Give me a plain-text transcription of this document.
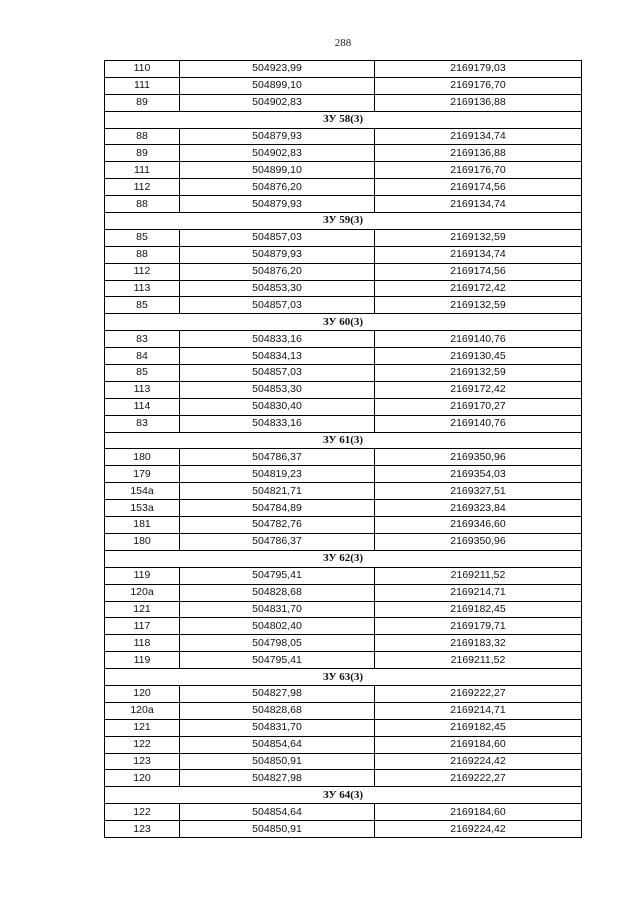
288
110	504923,99	2169179,03
111	504899,10	2169176,70
89	504902,83	2169136,88
ЗУ 58(3)		
88	504879,93	2169134,74
89	504902,83	2169136,88
111	504899,10	2169176,70
112	504876,20	2169174,56
88	504879,93	2169134,74
ЗУ 59(3)		
85	504857,03	2169132,59
88	504879,93	2169134,74
112	504876,20	2169174,56
113	504853,30	2169172,42
85	504857,03	2169132,59
ЗУ 60(3)		
83	504833,16	2169140,76
84	504834,13	2169130,45
85	504857,03	2169132,59
113	504853,30	2169172,42
114	504830,40	2169170,27
83	504833,16	2169140,76
ЗУ 61(3)		
180	504786,37	2169350,96
179	504819,23	2169354,03
154а	504821,71	2169327,51
153а	504784,89	2169323,84
181	504782,76	2169346,60
180	504786,37	2169350,96
ЗУ 62(3)		
119	504795,41	2169211,52
120а	504828,68	2169214,71
121	504831,70	2169182,45
117	504802,40	2169179,71
118	504798,05	2169183,32
119	504795,41	2169211,52
ЗУ 63(3)		
120	504827,98	2169222,27
120а	504828,68	2169214,71
121	504831,70	2169182,45
122	504854,64	2169184,60
123	504850,91	2169224,42
120	504827,98	2169222,27
ЗУ 64(3)		
122	504854,64	2169184,60
123	504850,91	2169224,42
